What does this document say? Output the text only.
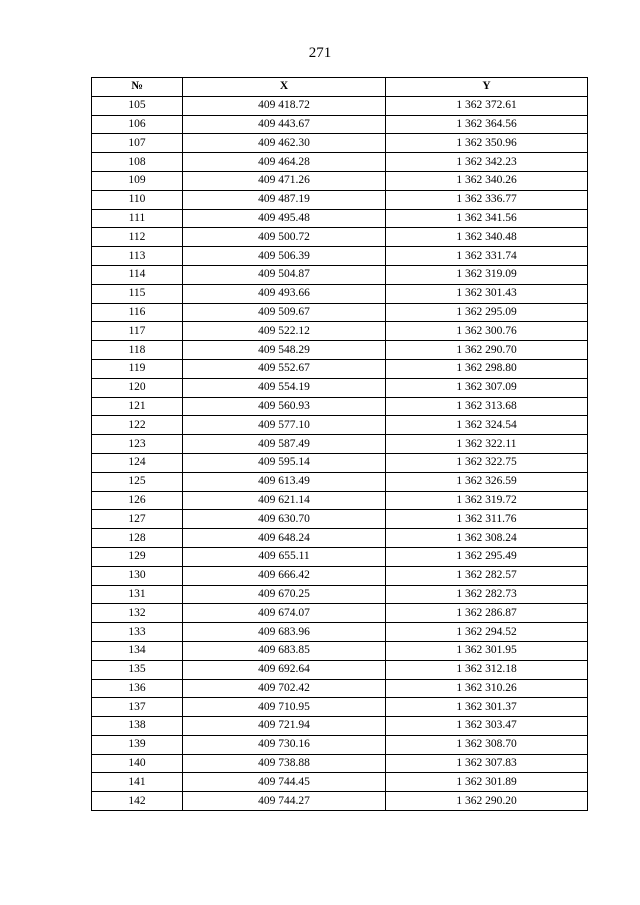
271
№	X	Y
105	409 418.72	1 362 372.61
106	409 443.67	1 362 364.56
107	409 462.30	1 362 350.96
108	409 464.28	1 362 342.23
109	409 471.26	1 362 340.26
110	409 487.19	1 362 336.77
111	409 495.48	1 362 341.56
112	409 500.72	1 362 340.48
113	409 506.39	1 362 331.74
114	409 504.87	1 362 319.09
115	409 493.66	1 362 301.43
116	409 509.67	1 362 295.09
117	409 522.12	1 362 300.76
118	409 548.29	1 362 290.70
119	409 552.67	1 362 298.80
120	409 554.19	1 362 307.09
121	409 560.93	1 362 313.68
122	409 577.10	1 362 324.54
123	409 587.49	1 362 322.11
124	409 595.14	1 362 322.75
125	409 613.49	1 362 326.59
126	409 621.14	1 362 319.72
127	409 630.70	1 362 311.76
128	409 648.24	1 362 308.24
129	409 655.11	1 362 295.49
130	409 666.42	1 362 282.57
131	409 670.25	1 362 282.73
132	409 674.07	1 362 286.87
133	409 683.96	1 362 294.52
134	409 683.85	1 362 301.95
135	409 692.64	1 362 312.18
136	409 702.42	1 362 310.26
137	409 710.95	1 362 301.37
138	409 721.94	1 362 303.47
139	409 730.16	1 362 308.70
140	409 738.88	1 362 307.83
141	409 744.45	1 362 301.89
142	409 744.27	1 362 290.20
